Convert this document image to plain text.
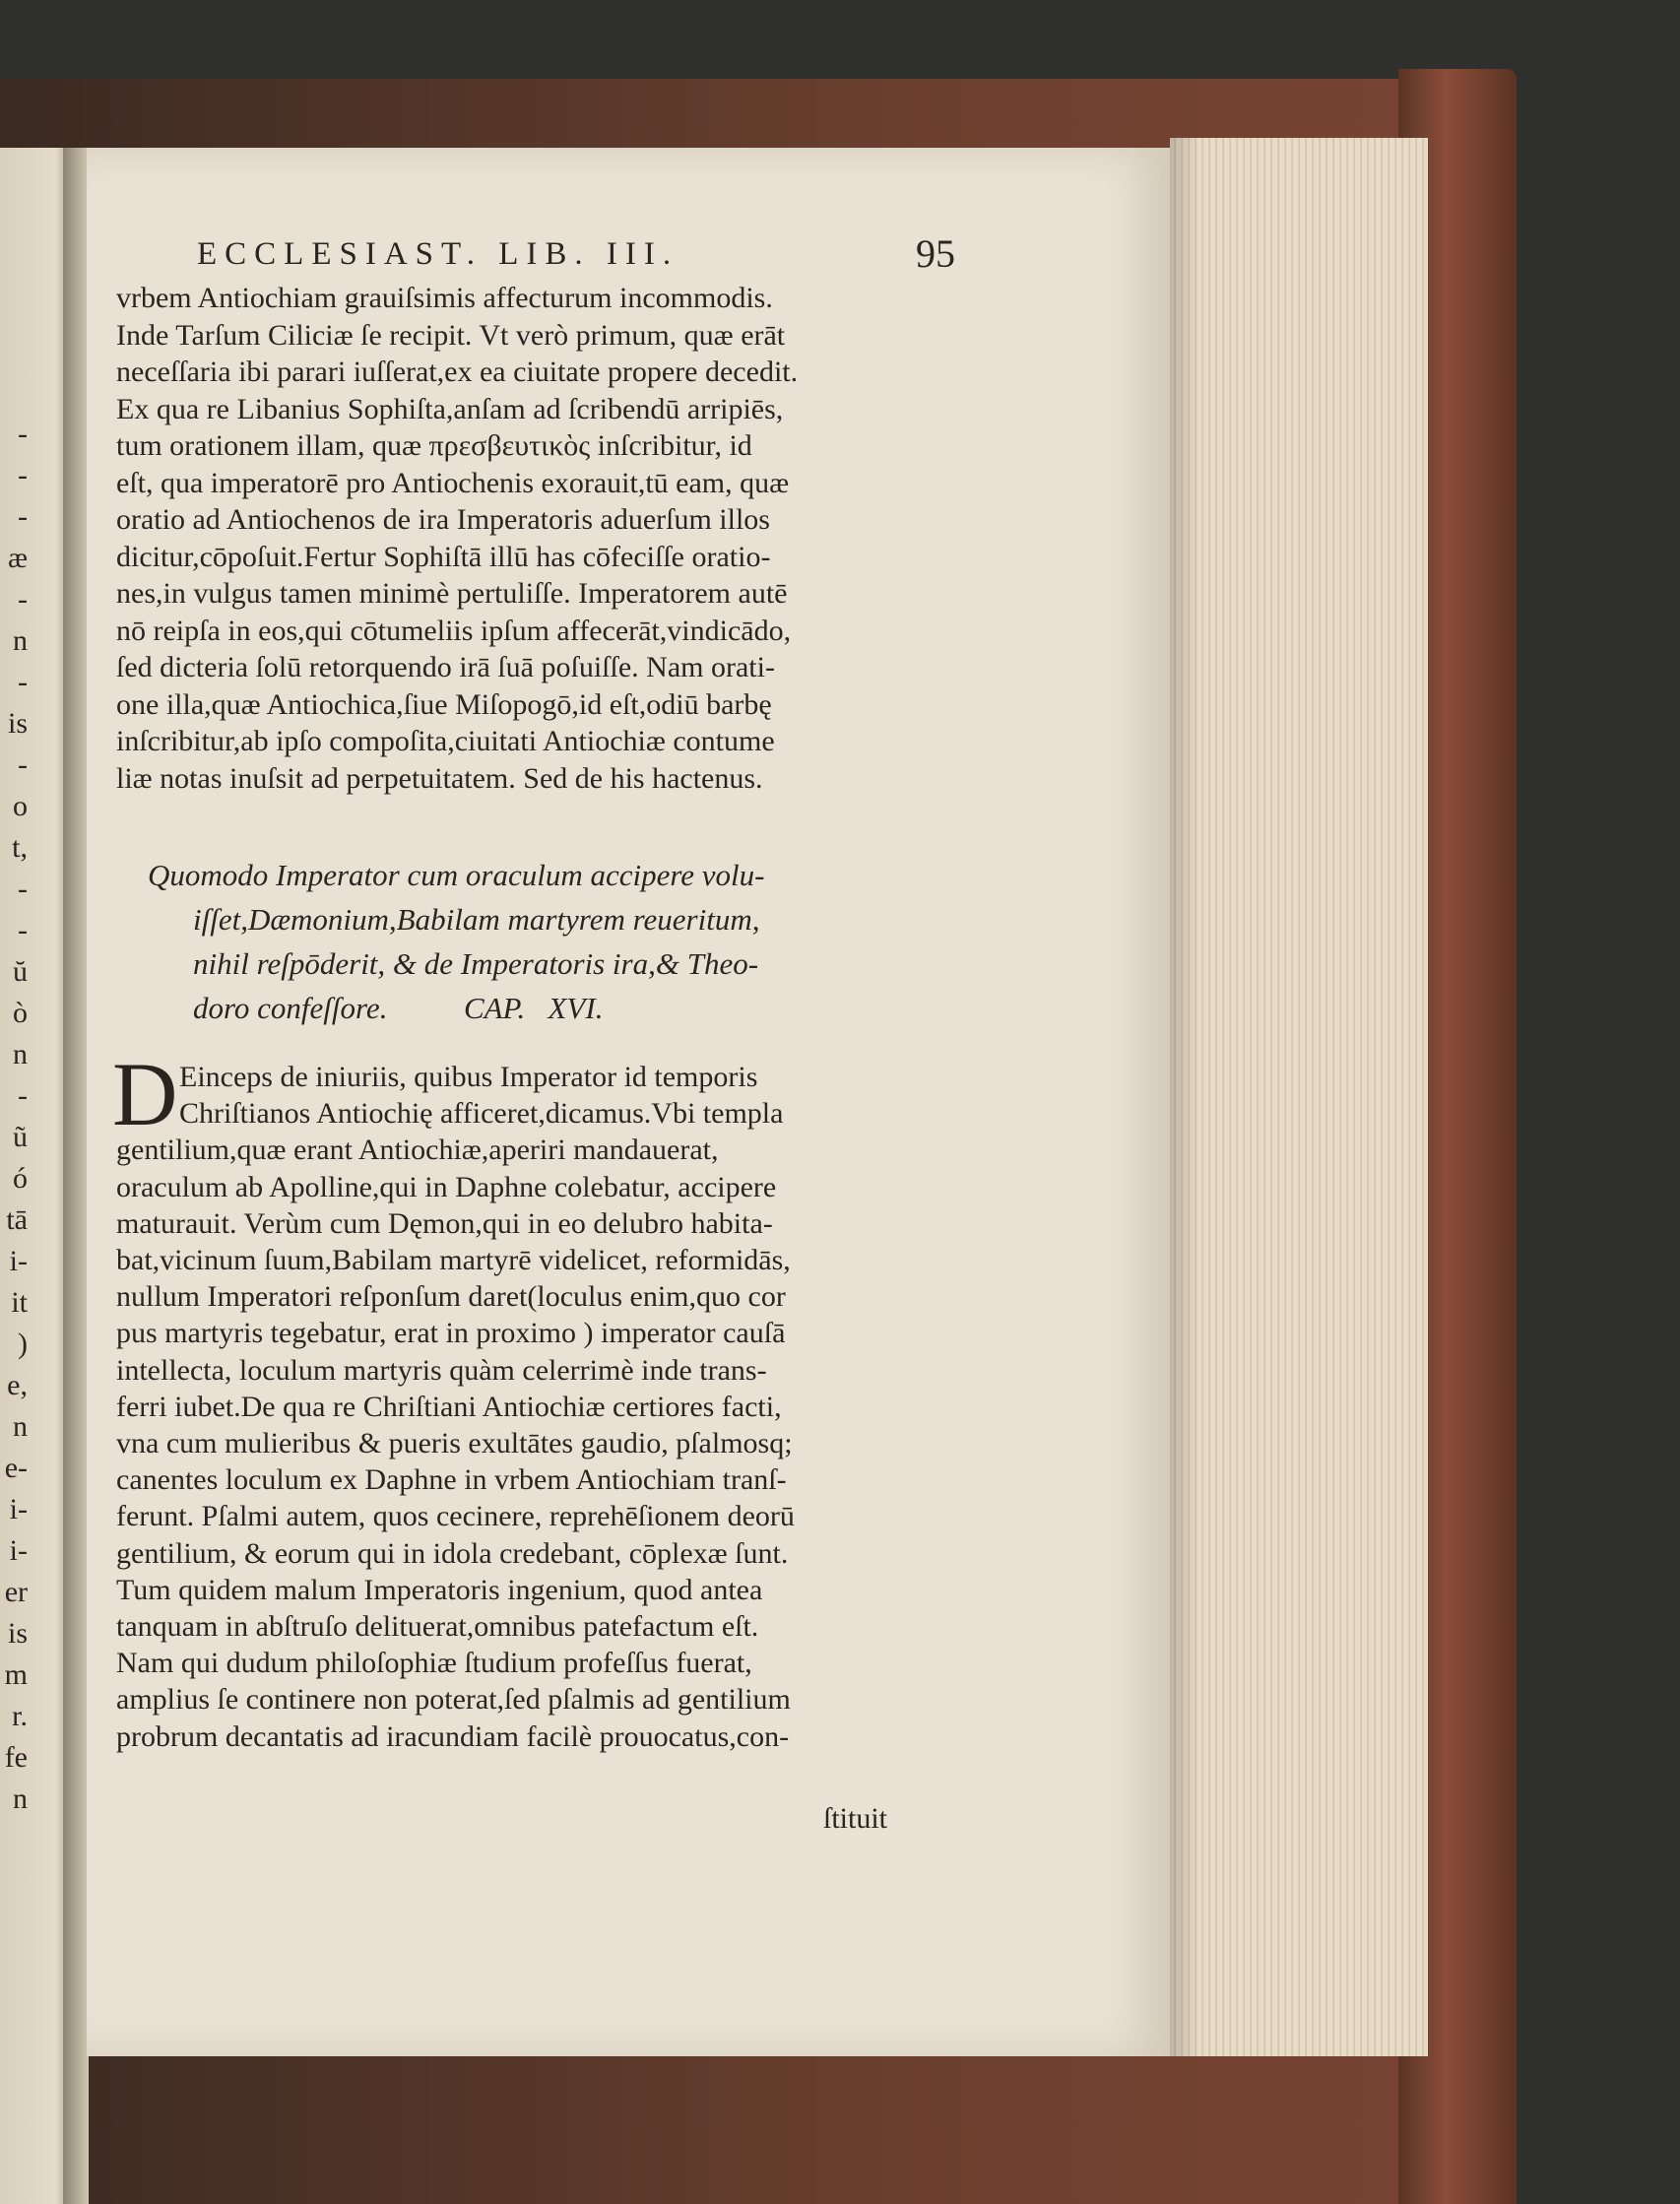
-
-
-
æ
-
n
-
is
-
o
t,
-
-
ŭ
ò
n
-
ũ
ó
tā
i-
it
)
e,
n
e-
i-
i-
er
is
m
r.
fe
n
ECCLESIAST. LIB. III.	95
vrbem Antiochiam grauiſsimis affecturum incommodis.
Inde Tarſum Ciliciæ ſe recipit. Vt verò primum, quæ erāt
neceſſaria ibi parari iuſſerat,ex ea ciuitate propere decedit.
Ex qua re Libanius Sophiſta,anſam ad ſcribendū arripiēs,
tum orationem illam, quæ πρεσβευτικὸς inſcribitur, id
eſt, qua imperatorē pro Antiochenis exorauit,tū eam, quæ
oratio ad Antiochenos de ira Imperatoris aduerſum illos
dicitur,cōpoſuit.Fertur Sophiſtā illū has cōfeciſſe oratio-
nes,in vulgus tamen minimè pertuliſſe. Imperatorem autē
nō reipſa in eos,qui cōtumeliis ipſum affecerāt,vindicādo,
ſed dicteria ſolū retorquendo irā ſuā poſuiſſe. Nam orati-
one illa,quæ Antiochica,ſiue Miſopogō,id eſt,odiū barbę
inſcribitur,ab ipſo compoſita,ciuitati Antiochiæ contume
liæ notas inuſsit ad perpetuitatem. Sed de his hactenus.
Quomodo Imperator cum oraculum accipere volu-
iſſet,Dæmonium,Babilam martyrem reueritum,
nihil reſpōderit, & de Imperatoris ira,& Theo-
doro confeſſore.          CAP.   XVI.
D Einceps de iniuriis, quibus Imperator id temporis
Chriſtianos Antiochię afficeret,dicamus.Vbi templa
gentilium,quæ erant Antiochiæ,aperiri mandauerat,
oraculum ab Apolline,qui in Daphne colebatur, accipere
maturauit. Verùm cum Dęmon,qui in eo delubro habita-
bat,vicinum ſuum,Babilam martyrē videlicet, reformidās,
nullum Imperatori reſponſum daret(loculus enim,quo cor
pus martyris tegebatur, erat in proximo ) imperator cauſā
intellecta, loculum martyris quàm celerrimè inde trans-
ferri iubet.De qua re Chriſtiani Antiochiæ certiores facti,
vna cum mulieribus & pueris exultātes gaudio, pſalmosq;
canentes loculum ex Daphne in vrbem Antiochiam tranſ-
ferunt. Pſalmi autem, quos cecinere, reprehēſionem deorū
gentilium, & eorum qui in idola credebant, cōplexæ ſunt.
Tum quidem malum Imperatoris ingenium, quod antea
tanquam in abſtruſo delituerat,omnibus patefactum eſt.
Nam qui dudum philoſophiæ ſtudium profeſſus fuerat,
amplius ſe continere non poterat,ſed pſalmis ad gentilium
probrum decantatis ad iracundiam facilè prouocatus,con-
ſtituit
